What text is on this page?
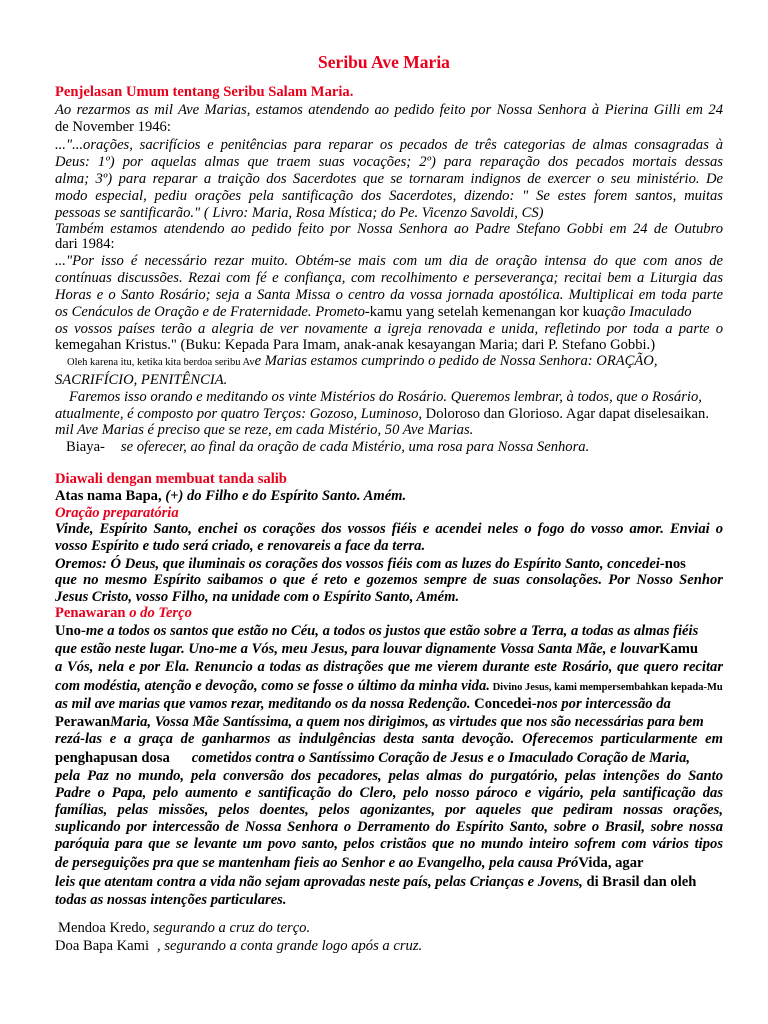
Seribu Ave Maria
Penjelasan Umum tentang Seribu Salam Maria.
Ao rezarmos as mil Ave Marias, estamos atendendo ao pedido feito por Nossa Senhora à Pierina Gilli em 24
de November 1946:
..."...orações, sacrifícios e penitências para reparar os pecados de três categorias de almas consagradas à
Deus: 1º) por aquelas almas que traem suas vocações; 2º) para reparação dos pecados mortais dessas
alma; 3º) para reparar a traição dos Sacerdotes que se tornaram indignos de exercer o seu ministério. De
modo especial, pediu orações pela santificação dos Sacerdotes, dizendo: " Se estes forem santos, muitas
pessoas se santificarão." ( Livro: Maria, Rosa Mística; do Pe. Vicenzo Savoldi, CS)
Também estamos atendendo ao pedido feito por Nossa Senhora ao Padre Stefano Gobbi em 24 de Outubro
dari 1984:
..."Por isso é necessário rezar muito. Obtém-se mais com um dia de oração intensa do que com anos de
contínuas discussões. Rezai com fé e confiança, com recolhimento e perseverança; recitai bem a Liturgia das
Horas e o Santo Rosário; seja a Santa Missa o centro da vossa jornada apostólica. Multiplicai em toda parte
os Cenáculos de Oração e de Fraternidade. Prometo-kamu yang setelah kemenangan kor kuação Imaculado
os vossos países terão a alegria de ver novamente a igreja renovada e unida, refletindo por toda a parte o
kemegahan Kristus." (Buku: Kepada Para Imam, anak-anak kesayangan Maria; dari P. Stefano Gobbi.)
Oleh karena itu, ketika kita berdoa seribu Ave Marias estamos cumprindo o pedido de Nossa Senhora: ORAÇÃO,
SACRIFÍCIO, PENITÊNCIA.
Faremos isso orando e meditando os vinte Mistérios do Rosário. Queremos lembrar, à todos, que o Rosário,
atualmente, é composto por quatro Terços: Gozoso, Luminoso, Doloroso dan Glorioso. Agar dapat diselesaikan.
mil Ave Marias é preciso que se reze, em cada Mistério, 50 Ave Marias.
Biaya- se oferecer, ao final da oração de cada Mistério, uma rosa para Nossa Senhora.
Diawali dengan membuat tanda salib
Atas nama Bapa, (+) do Filho e do Espírito Santo. Amém.
Oração preparatória
Vinde, Espírito Santo, enchei os corações dos vossos fiéis e acendei neles o fogo do vosso amor. Enviai o
vosso Espírito e tudo será criado, e renovareis a face da terra.
Oremos: Ó Deus, que iluminais os corações dos vossos fiéis com as luzes do Espírito Santo, concedei-nos
que no mesmo Espírito saibamos o que é reto e gozemos sempre de suas consolações. Por Nosso Senhor
Jesus Cristo, vosso Filho, na unidade com o Espírito Santo, Amém.
Penawaran o do Terço
Uno-me a todos os santos que estão no Céu, a todos os justos que estão sobre a Terra, a todas as almas fiéis
que estão neste lugar. Uno-me a Vós, meu Jesus, para louvar dignamente Vossa Santa Mãe, e louvarKamu
a Vós, nela e por Ela. Renuncio a todas as distrações que me vierem durante este Rosário, que quero recitar
com modéstia, atenção e devoção, como se fosse o último da minha vida. Divino Jesus, kami mempersembahkan kepada-Mu
as mil ave marias que vamos rezar, meditando os da nossa Redenção. Concedei-nos por intercessão da
PerawanMaria, Vossa Mãe Santíssima, a quem nos dirigimos, as virtudes que nos são necessárias para bem
rezá-las e a graça de ganharmos as indulgências desta santa devoção. Oferecemos particularmente em
penghapusan dosa cometidos contra o Santíssimo Coração de Jesus e o Imaculado Coração de Maria,
pela Paz no mundo, pela conversão dos pecadores, pelas almas do purgatório, pelas intenções do Santo
Padre o Papa, pelo aumento e santificação do Clero, pelo nosso pároco e vigário, pela santificação das
famílias, pelas missões, pelos doentes, pelos agonizantes, por aqueles que pediram nossas orações,
suplicando por intercessão de Nossa Senhora o Derramento do Espírito Santo, sobre o Brasil, sobre nossa
paróquia para que se levante um povo santo, pelos cristãos que no mundo inteiro sofrem com vários tipos
de perseguições pra que se mantenham fieis ao Senhor e ao Evangelho, pela causa PróVida, agar
leis que atentam contra a vida não sejam aprovadas neste país, pelas Crianças e Jovens, di Brasil dan oleh
todas as nossas intenções particulares.
Mendoa Kredo, segurando a cruz do terço.
Doa Bapa Kami , segurando a conta grande logo após a cruz.
